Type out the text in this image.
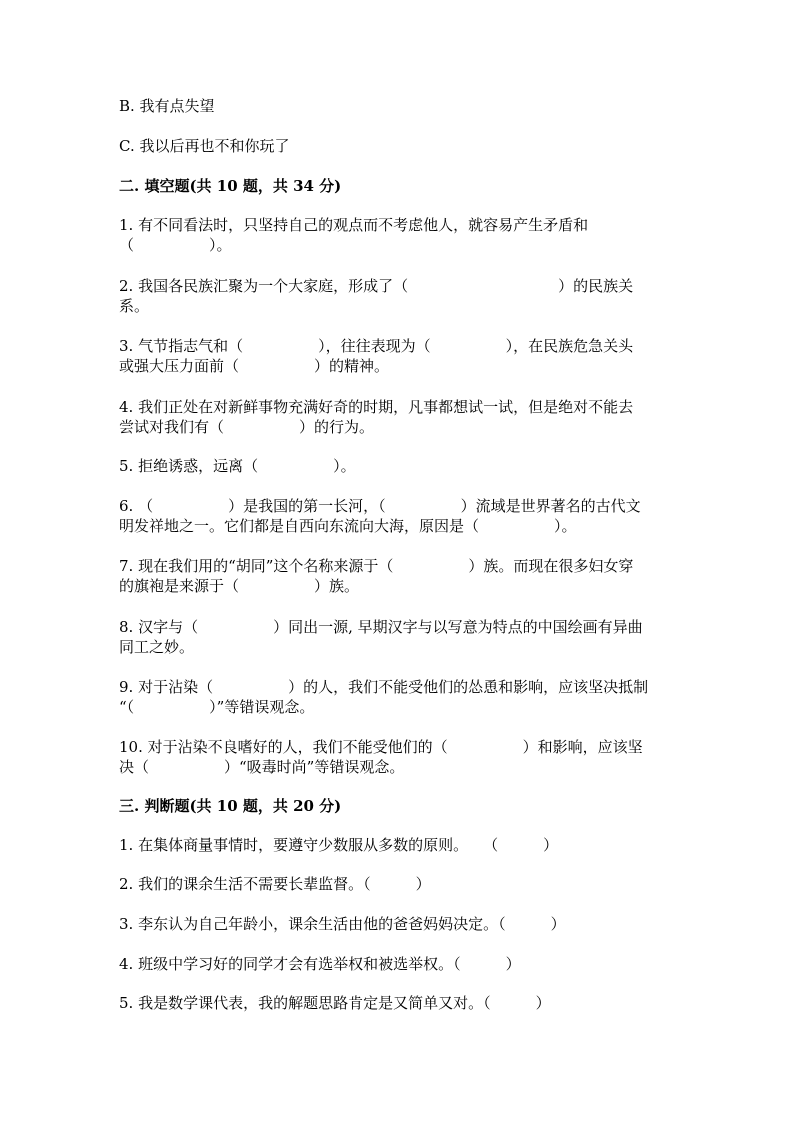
B. 我有点失望
C. 我以后再也不和你玩了
二. 填空题(共 10 题，共 34 分)
1. 有不同看法时，只坚持自己的观点而不考虑他人，就容易产生矛盾和
（　　　　　）。
2. 我国各民族汇聚为一个大家庭，形成了（　　　　　　　　　　）的民族关
系。
3. 气节指志气和（　　　　　），往往表现为（　　　　　），在民族危急关头
或强大压力面前（　　　　　）的精神。
4. 我们正处在对新鲜事物充满好奇的时期，凡事都想试一试，但是绝对不能去
尝试对我们有（　　　　　）的行为。
5. 拒绝诱惑，远离（　　　　　）。
6. （　　　　　）是我国的第一长河，（　　　　　）流域是世界著名的古代文
明发祥地之一。它们都是自西向东流向大海，原因是（　　　　　）。
7. 现在我们用的“胡同”这个名称来源于（　　　　　）族。而现在很多妇女穿
的旗袍是来源于（　　　　　）族。
8. 汉字与（　　　　　）同出一源, 早期汉字与以写意为特点的中国绘画有异曲
同工之妙。
9. 对于沾染（　　　　　）的人，我们不能受他们的怂恿和影响，应该坚决抵制
“（　　　　　）”等错误观念。
10. 对于沾染不良嗜好的人，我们不能受他们的（　　　　　）和影响，应该坚
决（　　　　　）“吸毒时尚”等错误观念。
三. 判断题(共 10 题，共 20 分)
1. 在集体商量事情时，要遵守少数服从多数的原则。　　（　　　）
2. 我们的课余生活不需要长辈监督。（　　　）
3. 李东认为自己年龄小，课余生活由他的爸爸妈妈决定。（　　　）
4. 班级中学习好的同学才会有选举权和被选举权。（　　　）
5. 我是数学课代表，我的解题思路肯定是又简单又对。（　　　）
